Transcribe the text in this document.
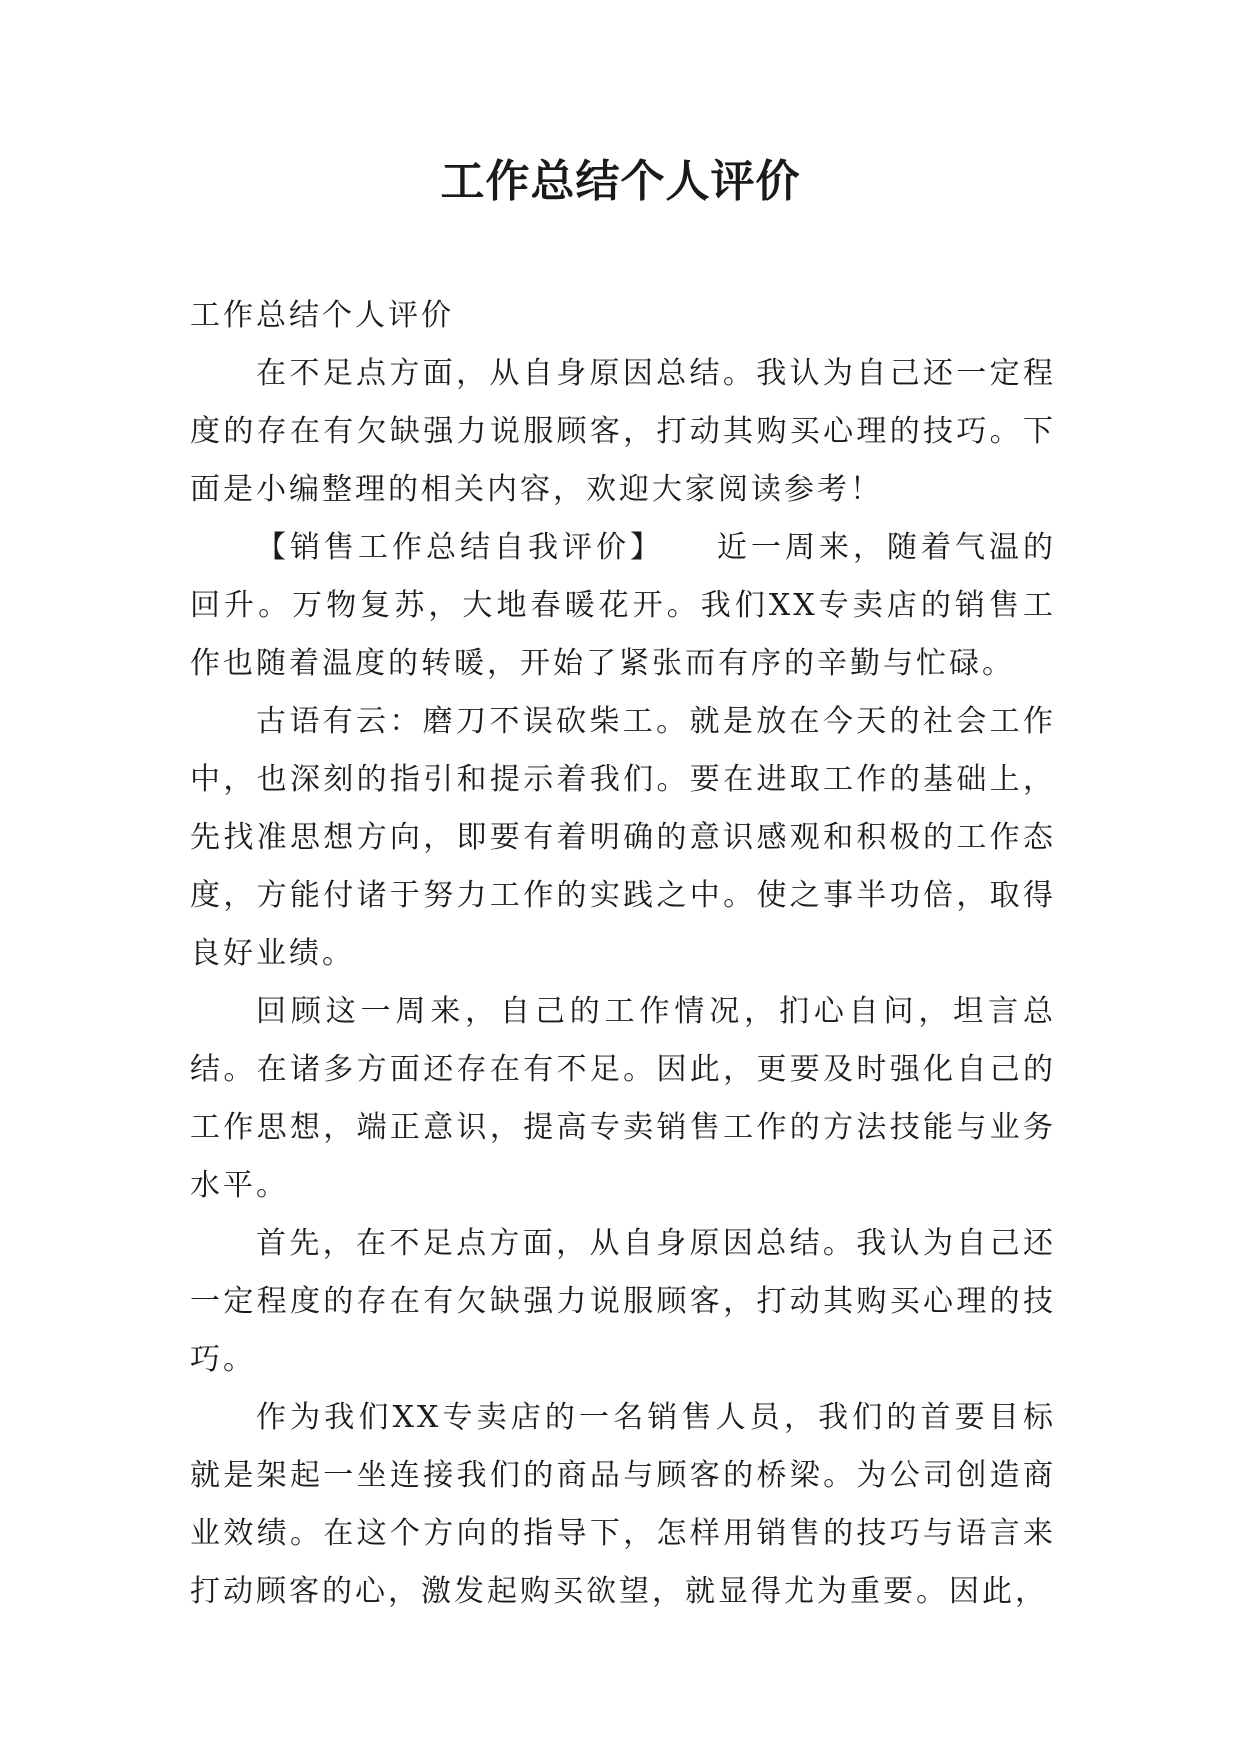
工作总结个人评价

工作总结个人评价

在不足点方面，从自身原因总结。我认为自己还一定程度的存在有欠缺强力说服顾客，打动其购买心理的技巧。下面是小编整理的相关内容，欢迎大家阅读参考！

【销售工作总结自我评价】　　近一周来，随着气温的回升。万物复苏，大地春暖花开。我们XX专卖店的销售工作也随着温度的转暖，开始了紧张而有序的辛勤与忙碌。

古语有云：磨刀不误砍柴工。就是放在今天的社会工作中，也深刻的指引和提示着我们。要在进取工作的基础上，先找准思想方向，即要有着明确的意识感观和积极的工作态度，方能付诸于努力工作的实践之中。使之事半功倍，取得良好业绩。

回顾这一周来，自己的工作情况，扪心自问，坦言总结。在诸多方面还存在有不足。因此，更要及时强化自己的工作思想，端正意识，提高专卖销售工作的方法技能与业务水平。

首先，在不足点方面，从自身原因总结。我认为自己还一定程度的存在有欠缺强力说服顾客，打动其购买心理的技巧。

作为我们XX专卖店的一名销售人员，我们的首要目标就是架起一坐连接我们的商品与顾客的桥梁。为公司创造商业效绩。在这个方向的指导下，怎样用销售的技巧与语言来打动顾客的心，激发起购买欲望，就显得尤为重要。因此，
